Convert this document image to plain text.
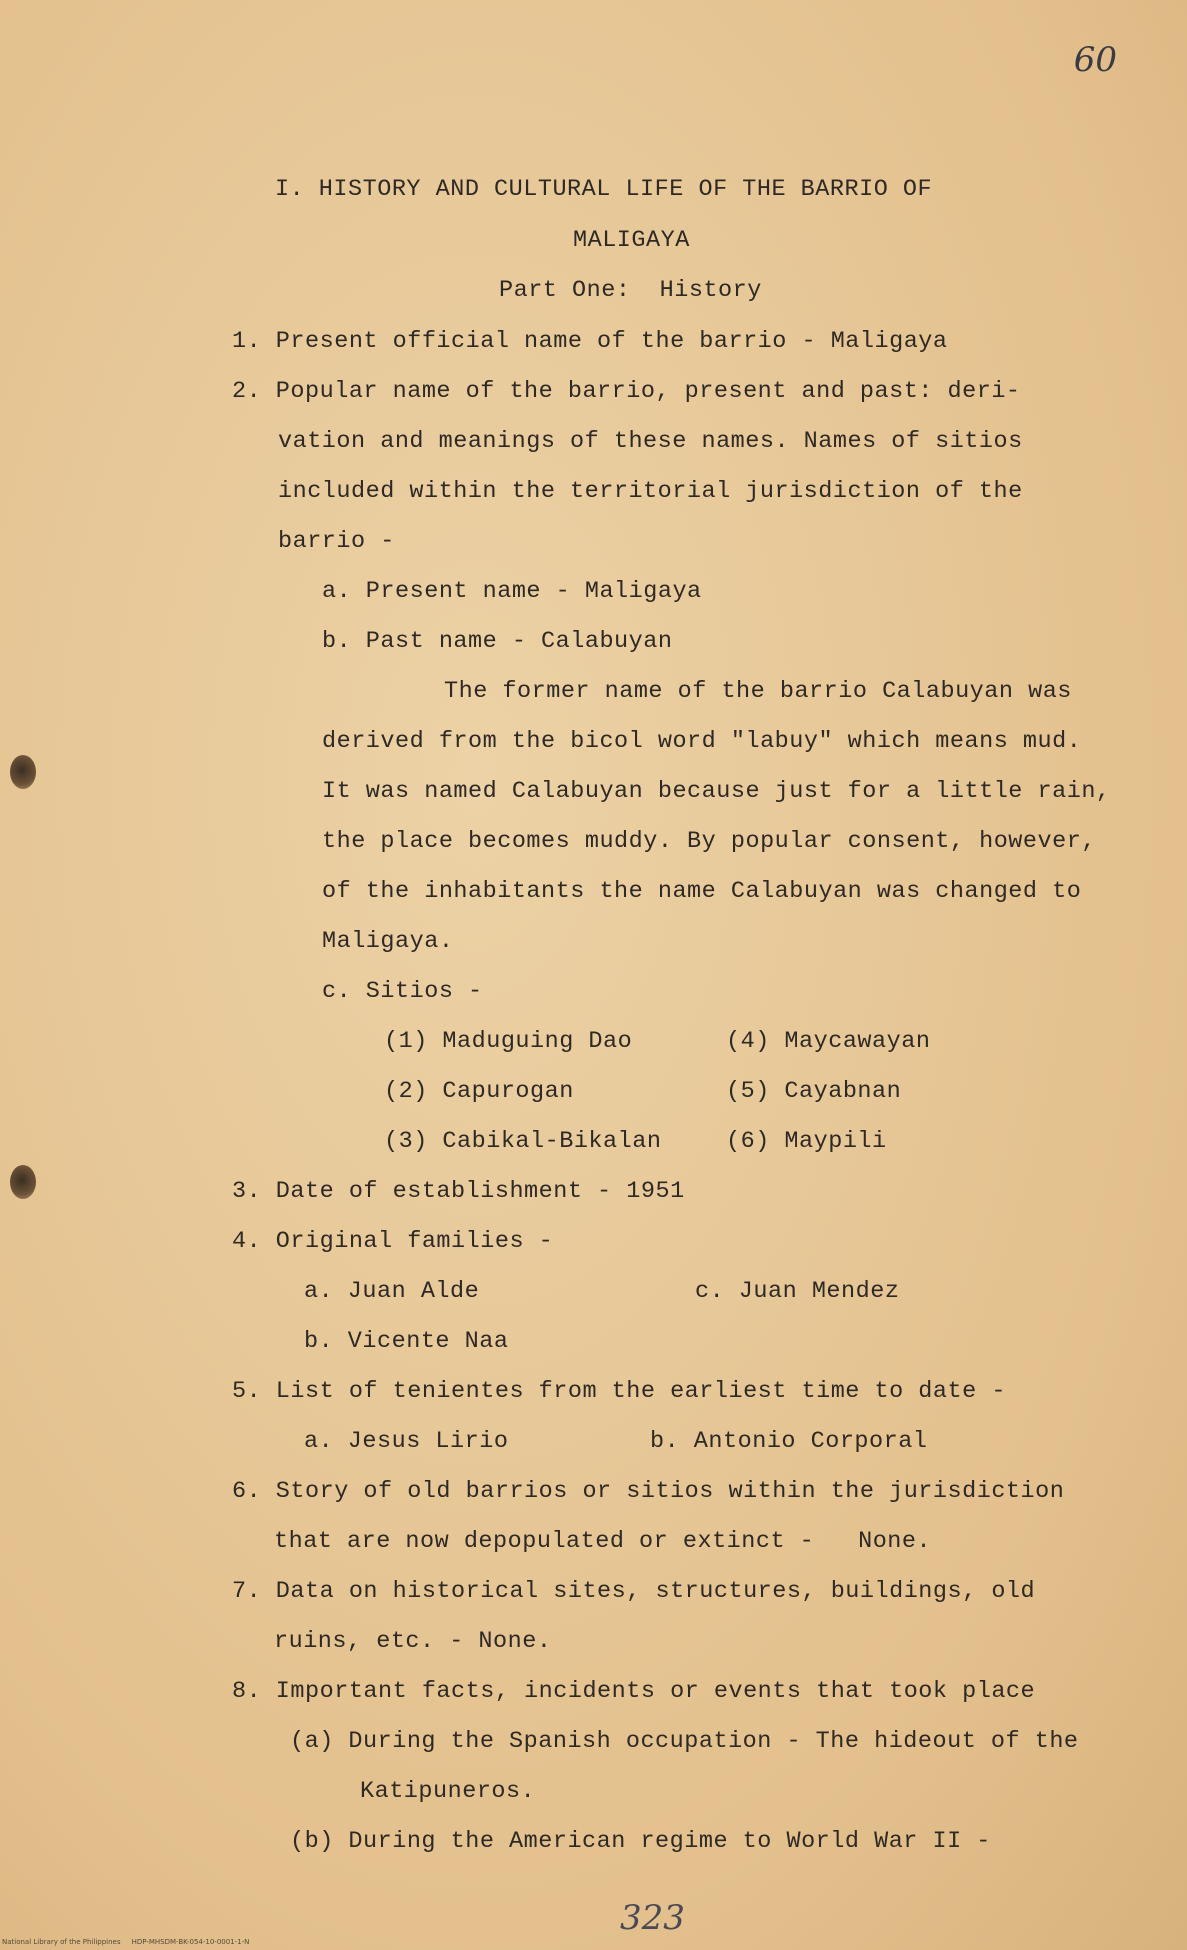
60
I. HISTORY AND CULTURAL LIFE OF THE BARRIO OF
MALIGAYA
Part One:  History
1. Present official name of the barrio - Maligaya
2. Popular name of the barrio, present and past: deri-
vation and meanings of these names. Names of sitios
included within the territorial jurisdiction of the
barrio -
a. Present name - Maligaya
b. Past name - Calabuyan
The former name of the barrio Calabuyan was
derived from the bicol word "labuy" which means mud.
It was named Calabuyan because just for a little rain,
the place becomes muddy. By popular consent, however,
of the inhabitants the name Calabuyan was changed to
Maligaya.
c. Sitios -
(1) Maduguing Dao	(4) Maycawayan
(2) Capurogan	(5) Cayabnan
(3) Cabikal-Bikalan	(6) Maypili
3. Date of establishment - 1951
4. Original families -
a. Juan Alde	c. Juan Mendez
b. Vicente Naa
5. List of tenientes from the earliest time to date -
a. Jesus Lirio	b. Antonio Corporal
6. Story of old barrios or sitios within the jurisdiction
that are now depopulated or extinct -   None.
7. Data on historical sites, structures, buildings, old
ruins, etc. - None.
8. Important facts, incidents or events that took place
(a) During the Spanish occupation - The hideout of the
Katipuneros.
(b) During the American regime to World War II -
323
National Library of the Philippines     HDP-MHSDM-BK-054-10-0001-1-N
